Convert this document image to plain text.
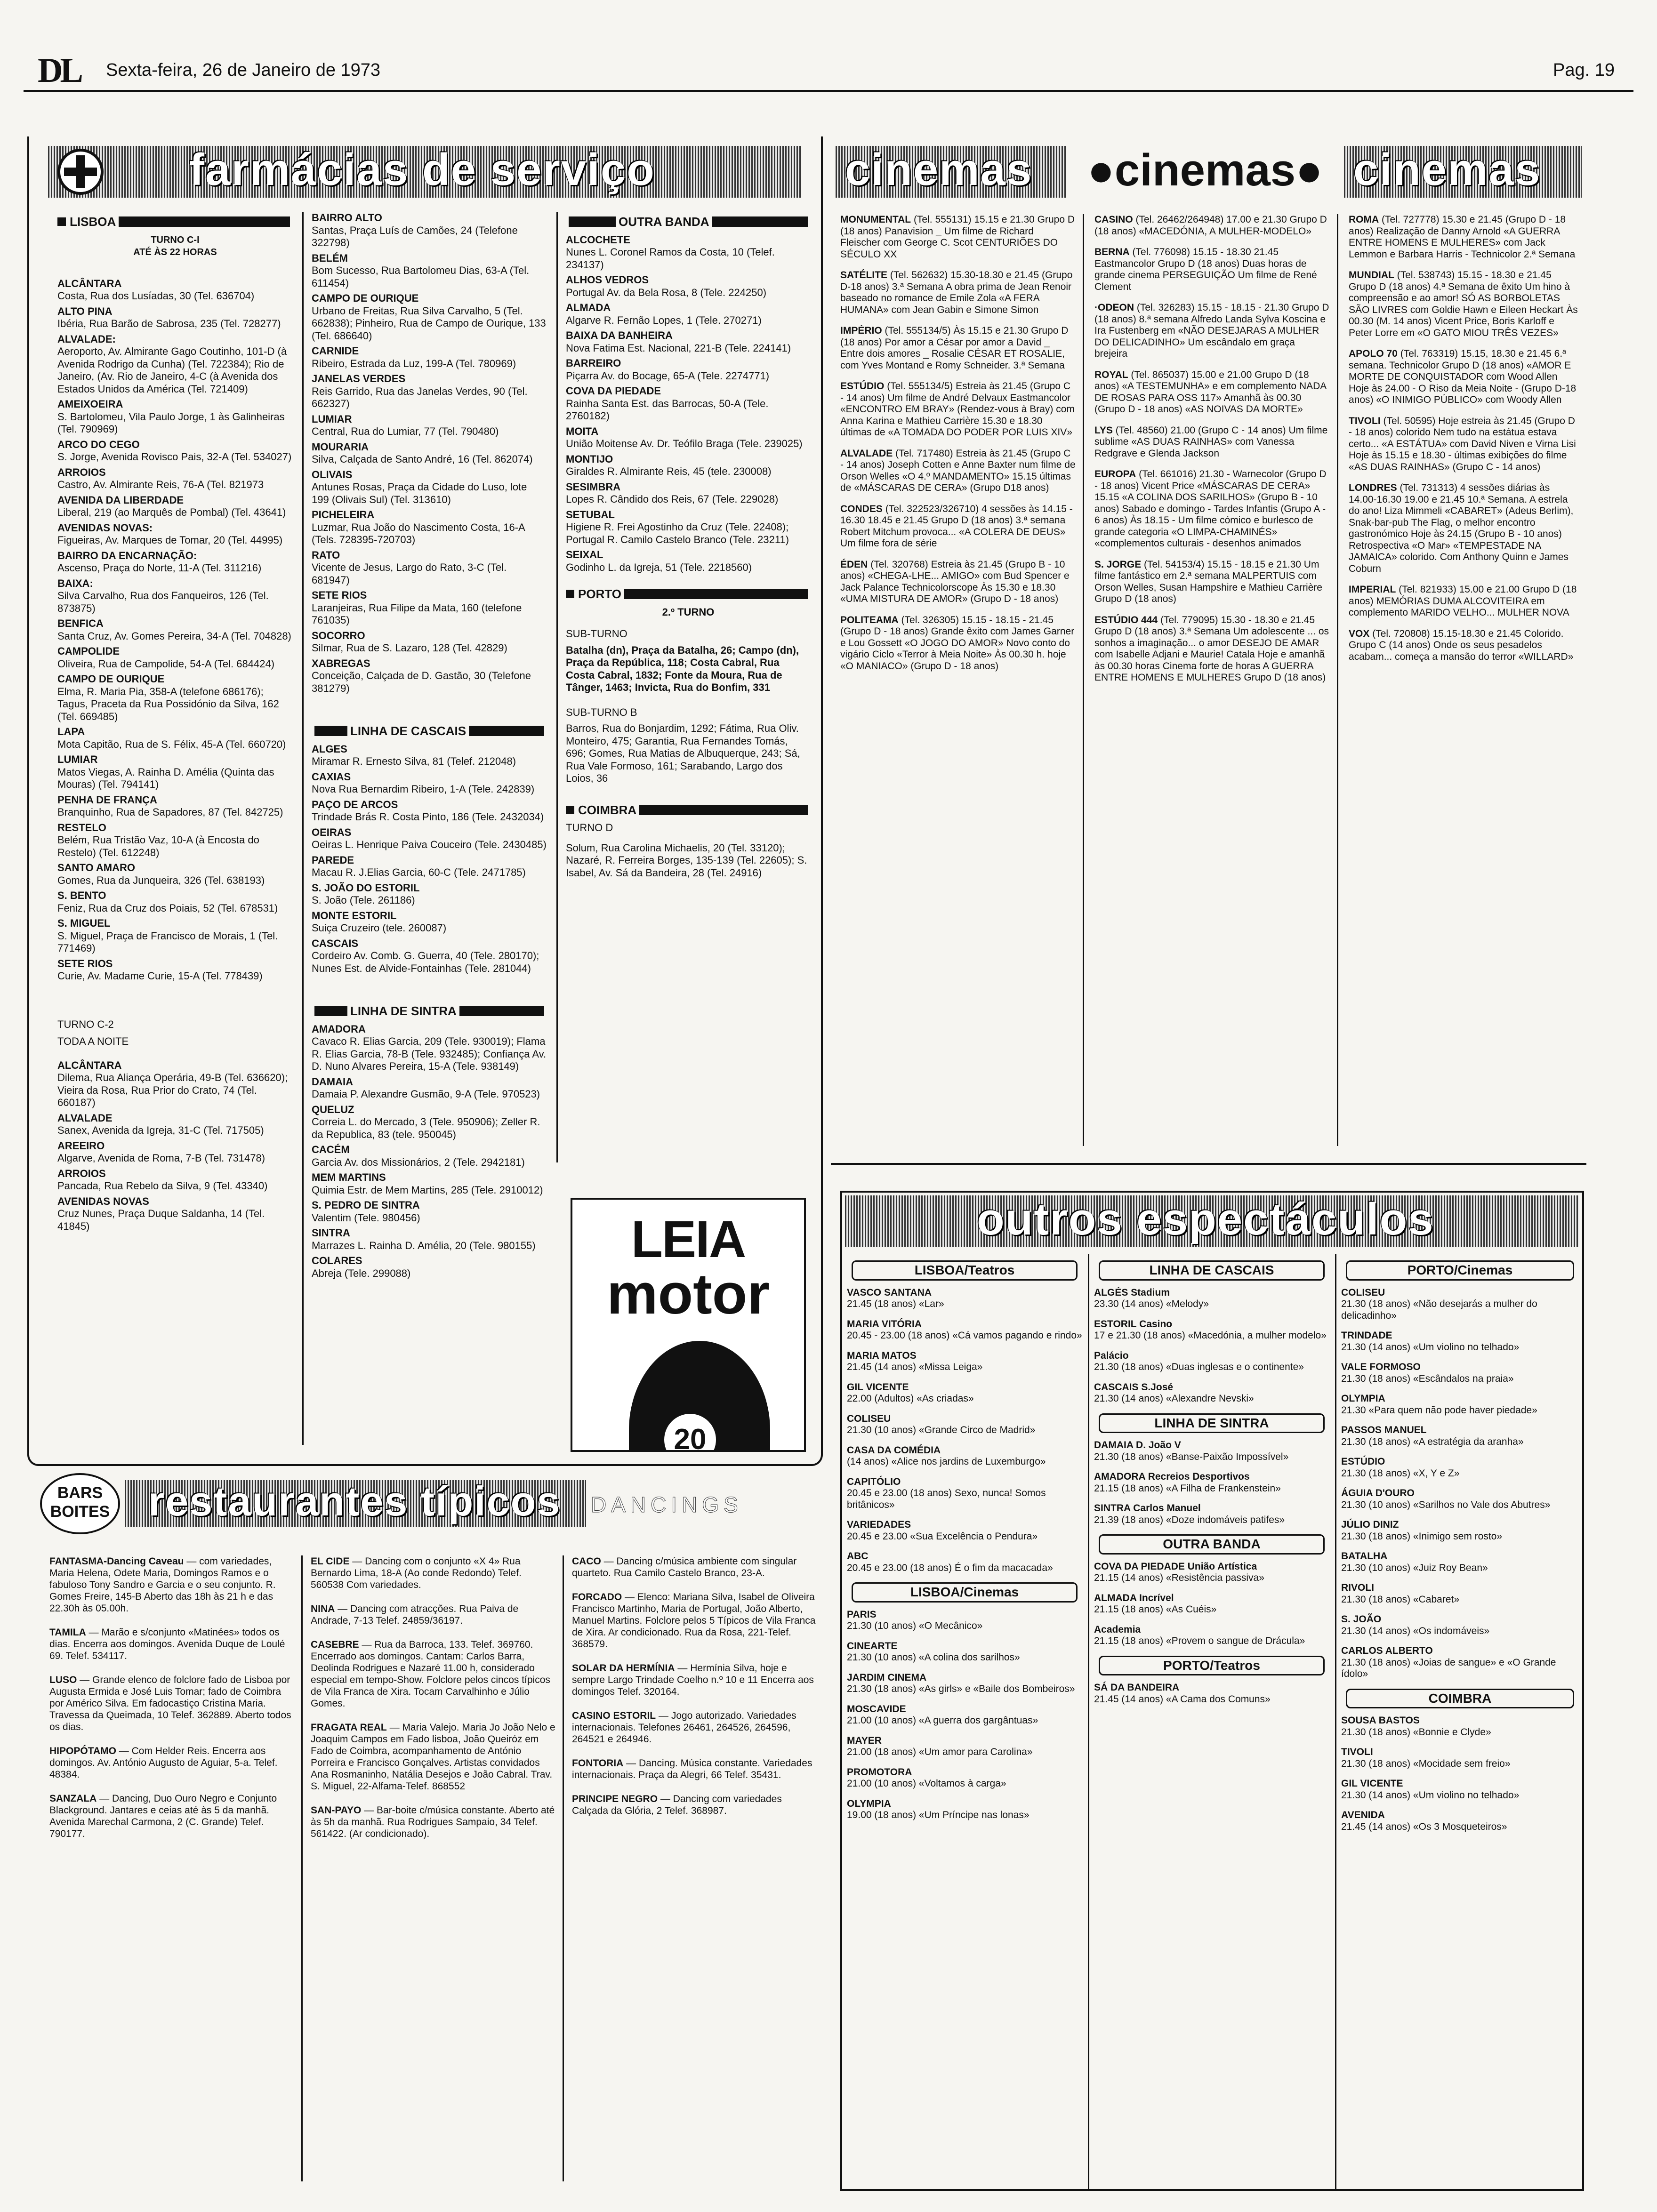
DL Sexta-feira, 26 de Janeiro de 1973	Pag. 19
farmácias de serviço
LISBOA
TURNO C-I
ATÉ ÀS 22 HORAS
ALCÂNTARA
Costa, Rua dos Lusíadas, 30 (Tel. 636704)
ALTO PINA
Ibéria, Rua Barão de Sabrosa, 235 (Tel. 728277)
ALVALADE:
Aeroporto, Av. Almirante Gago Coutinho, 101-D (à Avenida Rodrigo da Cunha) (Tel. 722384); Rio de Janeiro, (Av. Rio de Janeiro, 4-C (à Avenida dos Estados Unidos da América (Tel. 721409)
AMEIXOEIRA
S. Bartolomeu, Vila Paulo Jorge, 1 às Galinheiras (Tel. 790969)
ARCO DO CEGO
S. Jorge, Avenida Rovisco Pais, 32-A (Tel. 534027)
ARROIOS
Castro, Av. Almirante Reis, 76-A (Tel. 821973
AVENIDA DA LIBERDADE
Liberal, 219 (ao Marquês de Pombal) (Tel. 43641)
AVENIDAS NOVAS:
Figueiras, Av. Marques de Tomar, 20 (Tel. 44995)
BAIRRO DA ENCARNAÇÃO:
Ascenso, Praça do Norte, 11-A (Tel. 311216)
BAIXA:
Silva Carvalho, Rua dos Fanqueiros, 126 (Tel. 873875)
BENFICA
Santa Cruz, Av. Gomes Pereira, 34-A (Tel. 704828)
CAMPOLIDE
Oliveira, Rua de Campolide, 54-A (Tel. 684424)
CAMPO DE OURIQUE
Elma, R. Maria Pia, 358-A (telefone 686176); Tagus, Praceta da Rua Possidónio da Silva, 162 (Tel. 669485)
LAPA
Mota Capitão, Rua de S. Félix, 45-A (Tel. 660720)
LUMIAR
Matos Viegas, A. Rainha D. Amélia (Quinta das Mouras) (Tel. 794141)
PENHA DE FRANÇA
Branquinho, Rua de Sapadores, 87 (Tel. 842725)
RESTELO
Belém, Rua Tristão Vaz, 10-A (à Encosta do Restelo) (Tel. 612248)
SANTO AMARO
Gomes, Rua da Junqueira, 326 (Tel. 638193)
S. BENTO
Feniz, Rua da Cruz dos Poiais, 52 (Tel. 678531)
S. MIGUEL
S. Miguel, Praça de Francisco de Morais, 1 (Tel. 771469)
SETE RIOS
Curie, Av. Madame Curie, 15-A (Tel. 778439)
TURNO C-2
TODA A NOITE
ALCÂNTARA
Dilema, Rua Aliança Operária, 49-B (Tel. 636620); Vieira da Rosa, Rua Prior do Crato, 74 (Tel. 660187)
ALVALADE
Sanex, Avenida da Igreja, 31-C (Tel. 717505)
AREEIRO
Algarve, Avenida de Roma, 7-B (Tel. 731478)
ARROIOS
Pancada, Rua Rebelo da Silva, 9 (Tel. 43340)
AVENIDAS NOVAS
Cruz Nunes, Praça Duque Saldanha, 14 (Tel. 41845)
BAIRRO ALTO
Santas, Praça Luís de Camões, 24 (Telefone 322798)
BELÉM
Bom Sucesso, Rua Bartolomeu Dias, 63-A (Tel. 611454)
CAMPO DE OURIQUE
Urbano de Freitas, Rua Silva Carvalho, 5 (Tel. 662838); Pinheiro, Rua de Campo de Ourique, 133 (Tel. 686640)
CARNIDE
Ribeiro, Estrada da Luz, 199-A (Tel. 780969)
JANELAS VERDES
Reis Garrido, Rua das Janelas Verdes, 90 (Tel. 662327)
LUMIAR
Central, Rua do Lumiar, 77 (Tel. 790480)
MOURARIA
Silva, Calçada de Santo André, 16 (Tel. 862074)
OLIVAIS
Antunes Rosas, Praça da Cidade do Luso, lote 199 (Olivais Sul) (Tel. 313610)
PICHELEIRA
Luzmar, Rua João do Nascimento Costa, 16-A (Tels. 728395-720703)
RATO
Vicente de Jesus, Largo do Rato, 3-C (Tel. 681947)
SETE RIOS
Laranjeiras, Rua Filipe da Mata, 160 (telefone 761035)
SOCORRO
Silmar, Rua de S. Lazaro, 128 (Tel. 42829)
XABREGAS
Conceição, Calçada de D. Gastão, 30 (Telefone 381279)
LINHA DE CASCAIS
ALGES
Miramar R. Ernesto Silva, 81 (Telef. 212048)
CAXIAS
Nova Rua Bernardim Ribeiro, 1-A (Tele. 242839)
PAÇO DE ARCOS
Trindade Brás R. Costa Pinto, 186 (Tele. 2432034)
OEIRAS
Oeiras L. Henrique Paiva Couceiro (Tele. 2430485)
PAREDE
Macau R. J.Elias Garcia, 60-C (Tele. 2471785)
S. JOÃO DO ESTORIL
S. João (Tele. 261186)
MONTE ESTORIL
Suiça Cruzeiro (tele. 260087)
CASCAIS
Cordeiro Av. Comb. G. Guerra, 40 (Tele. 280170); Nunes Est. de Alvide-Fontainhas (Tele. 281044)
LINHA DE SINTRA
AMADORA
Cavaco R. Elias Garcia, 209 (Tele. 930019); Flama R. Elias Garcia, 78-B (Tele. 932485); Confiança Av. D. Nuno Alvares Pereira, 15-A (Tele. 938149)
DAMAIA
Damaia P. Alexandre Gusmão, 9-A (Tele. 970523)
QUELUZ
Correia L. do Mercado, 3 (Tele. 950906); Zeller R. da Republica, 83 (tele. 950045)
CACÉM
Garcia Av. dos Missionários, 2 (Tele. 2942181)
MEM MARTINS
Quimia Estr. de Mem Martins, 285 (Tele. 2910012)
S. PEDRO DE SINTRA
Valentim (Tele. 980456)
SINTRA
Marrazes L. Rainha D. Amélia, 20 (Tele. 980155)
COLARES
Abreja (Tele. 299088)
OUTRA BANDA
ALCOCHETE
Nunes L. Coronel Ramos da Costa, 10 (Telef. 234137)
ALHOS VEDROS
Portugal Av. da Bela Rosa, 8 (Tele. 224250)
ALMADA
Algarve R. Fernão Lopes, 1 (Tele. 270271)
BAIXA DA BANHEIRA
Nova Fatima Est. Nacional, 221-B (Tele. 224141)
BARREIRO
Piçarra Av. do Bocage, 65-A (Tele. 2274771)
COVA DA PIEDADE
Rainha Santa Est. das Barrocas, 50-A (Tele. 2760182)
MOITA
União Moitense Av. Dr. Teófilo Braga (Tele. 239025)
MONTIJO
Giraldes R. Almirante Reis, 45 (tele. 230008)
SESIMBRA
Lopes R. Cândido dos Reis, 67 (Tele. 229028)
SETUBAL
Higiene R. Frei Agostinho da Cruz (Tele. 22408); Portugal R. Camilo Castelo Branco (Tele. 23211)
SEIXAL
Godinho L. da Igreja, 51 (Tele. 2218560)
PORTO
2.º TURNO
SUB-TURNO
Batalha (dn), Praça da Batalha, 26; Campo (dn), Praça da República, 118; Costa Cabral, Rua Costa Cabral, 1832; Fonte da Moura, Rua de Tânger, 1463; Invicta, Rua do Bonfim, 331
SUB-TURNO B
Barros, Rua do Bonjardim, 1292; Fátima, Rua Oliv. Monteiro, 475; Garantia, Rua Fernandes Tomás, 696; Gomes, Rua Matias de Albuquerque, 243; Sá, Rua Vale Formoso, 161; Sarabando, Largo dos Loios, 36
COIMBRA
TURNO D
Solum, Rua Carolina Michaelis, 20 (Tel. 33120); Nazaré, R. Ferreira Borges, 135-139 (Tel. 22605); S. Isabel, Av. Sá da Bandeira, 28 (Tel. 24916)
LEIA
motor
20
cinemas	●cinemas● cinemas
MONUMENTAL (Tel. 555131) 15.15 e 21.30 Grupo D (18 anos) Panavision _ Um filme de Richard Fleischer com George C. Scot CENTURIÕES DO SÉCULO XX
SATÉLITE (Tel. 562632) 15.30-18.30 e 21.45 (Grupo D-18 anos) 3.ª Semana A obra prima de Jean Renoir baseado no romance de Emile Zola «A FERA HUMANA» com Jean Gabin e Simone Simon
IMPÉRIO (Tel. 555134/5) Às 15.15 e 21.30 Grupo D (18 anos) Por amor a César por amor a David _ Entre dois amores _ Rosalie CÉSAR ET ROSALIE, com Yves Montand e Romy Schneider. 3.ª Semana
ESTÚDIO (Tel. 555134/5) Estreia às 21.45 (Grupo C - 14 anos) Um filme de André Delvaux Eastmancolor «ENCONTRO EM BRAY» (Rendez-vous à Bray) com Anna Karina e Mathieu Carrière 15.30 e 18.30 últimas de «A TOMADA DO PODER POR LUIS XIV»
ALVALADE (Tel. 717480) Estreia às 21.45 (Grupo C - 14 anos) Joseph Cotten e Anne Baxter num filme de Orson Welles «O 4.º MANDAMENTO» 15.15 últimas de «MÁSCARAS DE CERA» (Grupo D18 anos)
CONDES (Tel. 322523/326710) 4 sessões às 14.15 - 16.30 18.45 e 21.45 Grupo D (18 anos) 3.ª semana Robert Mitchum provoca... «A COLERA DE DEUS» Um filme fora de série
ÉDEN (Tel. 320768) Estreia às 21.45 (Grupo B - 10 anos) «CHEGA-LHE... AMIGO» com Bud Spencer e Jack Palance Technicolorscope Às 15.30 e 18.30 «UMA MISTURA DE AMOR» (Grupo D - 18 anos)
POLITEAMA (Tel. 326305) 15.15 - 18.15 - 21.45 (Grupo D - 18 anos) Grande êxito com James Garner e Lou Gossett «O JOGO DO AMOR» Novo conto do vigário Ciclo «Terror à Meia Noite» Às 00.30 h. hoje «O MANIACO» (Grupo D - 18 anos)
CASINO (Tel. 26462/264948) 17.00 e 21.30 Grupo D (18 anos) «MACEDÓNIA, A MULHER-MODELO»
BERNA (Tel. 776098) 15.15 - 18.30 21.45 Eastmancolor Grupo D (18 anos) Duas horas de grande cinema PERSEGUIÇÃO Um filme de René Clement
·ODEON (Tel. 326283) 15.15 - 18.15 - 21.30 Grupo D (18 anos) 8.ª semana Alfredo Landa Sylva Koscina e Ira Fustenberg em «NÃO DESEJARAS A MULHER DO DELICADINHO» Um escândalo em graça brejeira
ROYAL (Tel. 865037) 15.00 e 21.00 Grupo D (18 anos) «A TESTEMUNHA» e em complemento NADA DE ROSAS PARA OSS 117» Amanhã às 00.30 (Grupo D - 18 anos) «AS NOIVAS DA MORTE»
LYS (Tel. 48560) 21.00 (Grupo C - 14 anos) Um filme sublime «AS DUAS RAINHAS» com Vanessa Redgrave e Glenda Jackson
EUROPA (Tel. 661016) 21.30 - Warnecolor (Grupo D - 18 anos) Vicent Price «MÁSCARAS DE CERA» 15.15 «A COLINA DOS SARILHOS» (Grupo B - 10 anos) Sabado e domingo - Tardes Infantis (Grupo A - 6 anos) Às 18.15 - Um filme cómico e burlesco de grande categoria «O LIMPA-CHAMINÉS» «complementos culturais - desenhos animados
S. JORGE (Tel. 54153/4) 15.15 - 18.15 e 21.30 Um filme fantástico em 2.ª semana MALPERTUIS com Orson Welles, Susan Hampshire e Mathieu Carrière Grupo D (18 anos)
ESTÚDIO 444 (Tel. 779095) 15.30 - 18.30 e 21.45 Grupo D (18 anos) 3.ª Semana Um adolescente ... os sonhos a imaginação... o amor DESEJO DE AMAR com Isabelle Adjani e Maurie! Catala Hoje e amanhã às 00.30 horas Cinema forte de horas A GUERRA ENTRE HOMENS E MULHERES Grupo D (18 anos)
ROMA (Tel. 727778) 15.30 e 21.45 (Grupo D - 18 anos) Realização de Danny Arnold «A GUERRA ENTRE HOMENS E MULHERES» com Jack Lemmon e Barbara Harris - Technicolor 2.ª Semana
MUNDIAL (Tel. 538743) 15.15 - 18.30 e 21.45 Grupo D (18 anos) 4.ª Semana de êxito Um hino à compreensão e ao amor! SÓ AS BORBOLETAS SÃO LIVRES com Goldie Hawn e Eileen Heckart Às 00.30 (M. 14 anos) Vicent Price, Boris Karloff e Peter Lorre em «O GATO MIOU TRÊS VEZES»
APOLO 70 (Tel. 763319) 15.15, 18.30 e 21.45 6.ª semana. Technicolor Grupo D (18 anos) «AMOR E MORTE DE CONQUISTADOR com Wood Allen Hoje às 24.00 - O Riso da Meia Noite - (Grupo D-18 anos) «O INIMIGO PÚBLICO» com Woody Allen
TIVOLI (Tel. 50595) Hoje estreia às 21.45 (Grupo D - 18 anos) colorido Nem tudo na estátua estava certo... «A ESTÁTUA» com David Niven e Virna Lisi Hoje às 15.15 e 18.30 - últimas exibições do filme «AS DUAS RAINHAS» (Grupo C - 14 anos)
LONDRES (Tel. 731313) 4 sessões diárias às 14.00-16.30 19.00 e 21.45 10.ª Semana. A estrela do ano! Liza Mimmeli «CABARET» (Adeus Berlim), Snak-bar-pub The Flag, o melhor encontro gastronómico Hoje às 24.15 (Grupo B - 10 anos) Retrospectiva «O Mar» «TEMPESTADE NA JAMAICA» colorido. Com Anthony Quinn e James Coburn
IMPERIAL (Tel. 821933) 15.00 e 21.00 Grupo D (18 anos) MEMÓRIAS DUMA ALCOVITEIRA em complemento MARIDO VELHO... MULHER NOVA
VOX (Tel. 720808) 15.15-18.30 e 21.45 Colorido. Grupo C (14 anos) Onde os seus pesadelos acabam... começa a mansão do terror «WILLARD»
outros espectáculos
LISBOA/Teatros
VASCO SANTANA
21.45 (18 anos) «Lar»
MARIA VITÓRIA
20.45 - 23.00 (18 anos) «Cá vamos pagando e rindo»
MARIA MATOS
21.45 (14 anos) «Missa Leiga»
GIL VICENTE
22.00 (Adultos) «As criadas»
COLISEU
21.30 (10 anos) «Grande Circo de Madrid»
CASA DA COMÉDIA
(14 anos) «Alice nos jardins de Luxemburgo»
CAPITÓLIO
20.45 e 23.00 (18 anos) Sexo, nunca! Somos britânicos»
VARIEDADES
20.45 e 23.00 «Sua Excelência o Pendura»
ABC
20.45 e 23.00 (18 anos) É o fim da macacada»
LISBOA/Cinemas
PARIS
21.30 (10 anos) «O Mecânico»
CINEARTE
21.30 (10 anos) «A colina dos sarilhos»
JARDIM CINEMA
21.30 (18 anos) «As girls» e «Baile dos Bombeiros»
MOSCAVIDE
21.00 (10 anos) «A guerra dos gargântuas»
MAYER
21.00 (18 anos) «Um amor para Carolina»
PROMOTORA
21.00 (10 anos) «Voltamos à carga»
OLYMPIA
19.00 (18 anos) «Um Príncipe nas lonas»
LINHA DE CASCAIS
ALGÉS Stadium
23.30 (14 anos) «Melody»
ESTORIL Casino
17 e 21.30 (18 anos) «Macedónia, a mulher modelo»
Palácio
21.30 (18 anos) «Duas inglesas e o continente»
CASCAIS S.José
21.30 (14 anos) «Alexandre Nevski»
LINHA DE SINTRA
DAMAIA D. João V
21.30 (18 anos) «Banse-Paixão Impossível»
AMADORA Recreios Desportivos
21.15 (18 anos) «A Filha de Frankenstein»
SINTRA Carlos Manuel
21.39 (18 anos) «Doze indomáveis patifes»
OUTRA BANDA
COVA DA PIEDADE União Artística
21.15 (14 anos) «Resistência passiva»
ALMADA Incrível
21.15 (18 anos) «As Cuéis»
Academia
21.15 (18 anos) «Provem o sangue de Drácula»
PORTO/Teatros
SÁ DA BANDEIRA
21.45 (14 anos) «A Cama dos Comuns»
PORTO/Cinemas
COLISEU
21.30 (18 anos) «Não desejarás a mulher do delicadinho»
TRINDADE
21.30 (14 anos) «Um violino no telhado»
VALE FORMOSO
21.30 (18 anos) «Escândalos na praia»
OLYMPIA
21.30 «Para quem não pode haver piedade»
PASSOS MANUEL
21.30 (18 anos) «A estratégia da aranha»
ESTÚDIO
21.30 (18 anos) «X, Y e Z»
ÁGUIA D'OURO
21.30 (10 anos) «Sarilhos no Vale dos Abutres»
JÚLIO DINIZ
21.30 (18 anos) «Inimigo sem rosto»
BATALHA
21.30 (10 anos) «Juiz Roy Bean»
RIVOLI
21.30 (18 anos) «Cabaret»
S. JOÃO
21.30 (14 anos) «Os indomáveis»
CARLOS ALBERTO
21.30 (18 anos) «Joias de sangue» e «O Grande ídolo»
COIMBRA
SOUSA BASTOS
21.30 (18 anos) «Bonnie e Clyde»
TIVOLI
21.30 (18 anos) «Mocidade sem freio»
GIL VICENTE
21.30 (14 anos) «Um violino no telhado»
AVENIDA
21.45 (14 anos) «Os 3 Mosqueteiros»
BARS
BOITES restaurantes típicos DANCINGS
FANTASMA-Dancing Caveau — com variedades, Maria Helena, Odete Maria, Domingos Ramos e o fabuloso Tony Sandro e Garcia e o seu conjunto. R. Gomes Freire, 145-B Aberto das 18h às 21 h e das 22.30h às 05.00h.
TAMILA — Marão e s/conjunto «Matinées» todos os dias. Encerra aos domingos. Avenida Duque de Loulé 69. Telef. 534117.
LUSO — Grande elenco de folclore fado de Lisboa por Augusta Ermida e José Luis Tomar; fado de Coimbra por Américo Silva. Em fadocastiço Cristina Maria. Travessa da Queimada, 10 Telef. 362889. Aberto todos os dias.
HIPOPÓTAMO — Com Helder Reis. Encerra aos domingos. Av. António Augusto de Aguiar, 5-a. Telef. 48384.
SANZALA — Dancing, Duo Ouro Negro e Conjunto Blackground. Jantares e ceias até às 5 da manhã. Avenida Marechal Carmona, 2 (C. Grande) Telef. 790177.
EL CIDE — Dancing com o conjunto «X 4» Rua Bernardo Lima, 18-A (Ao conde Redondo) Telef. 560538 Com variedades.
NINA — Dancing com atracções. Rua Paiva de Andrade, 7-13 Telef. 24859/36197.
CASEBRE — Rua da Barroca, 133. Telef. 369760. Encerrado aos domingos. Cantam: Carlos Barra, Deolinda Rodrigues e Nazaré 11.00 h, considerado especial em tempo-Show. Folclore pelos cincos típicos de Vila Franca de Xira. Tocam Carvalhinho e Júlio Gomes.
FRAGATA REAL — Maria Valejo. Maria Jo João Nelo e Joaquim Campos em Fado lisboa, João Queiróz em Fado de Coimbra, acompanhamento de António Porreira e Francisco Gonçalves. Artistas convidados Ana Rosmaninho, Natália Desejos e João Cabral. Trav. S. Miguel, 22-Alfama-Telef. 868552
SAN-PAYO — Bar-boite c/música constante. Aberto até às 5h da manhã. Rua Rodrigues Sampaio, 34 Telef. 561422. (Ar condicionado).
CACO — Dancing c/música ambiente com singular quarteto. Rua Camilo Castelo Branco, 23-A.
FORCADO — Elenco: Mariana Silva, Isabel de Oliveira Francisco Martinho, Maria de Portugal, João Alberto, Manuel Martins. Folclore pelos 5 Típicos de Vila Franca de Xira. Ar condicionado. Rua da Rosa, 221-Telef. 368579.
SOLAR DA HERMÍNIA — Hermínia Silva, hoje e sempre Largo Trindade Coelho n.º 10 e 11 Encerra aos domingos Telef. 320164.
CASINO ESTORIL — Jogo autorizado. Variedades internacionais. Telefones 26461, 264526, 264596, 264521 e 264946.
FONTORIA — Dancing. Música constante. Variedades internacionais. Praça da Alegri, 66 Telef. 35431.
PRINCIPE NEGRO — Dancing com variedades Calçada da Glória, 2 Telef. 368987.
